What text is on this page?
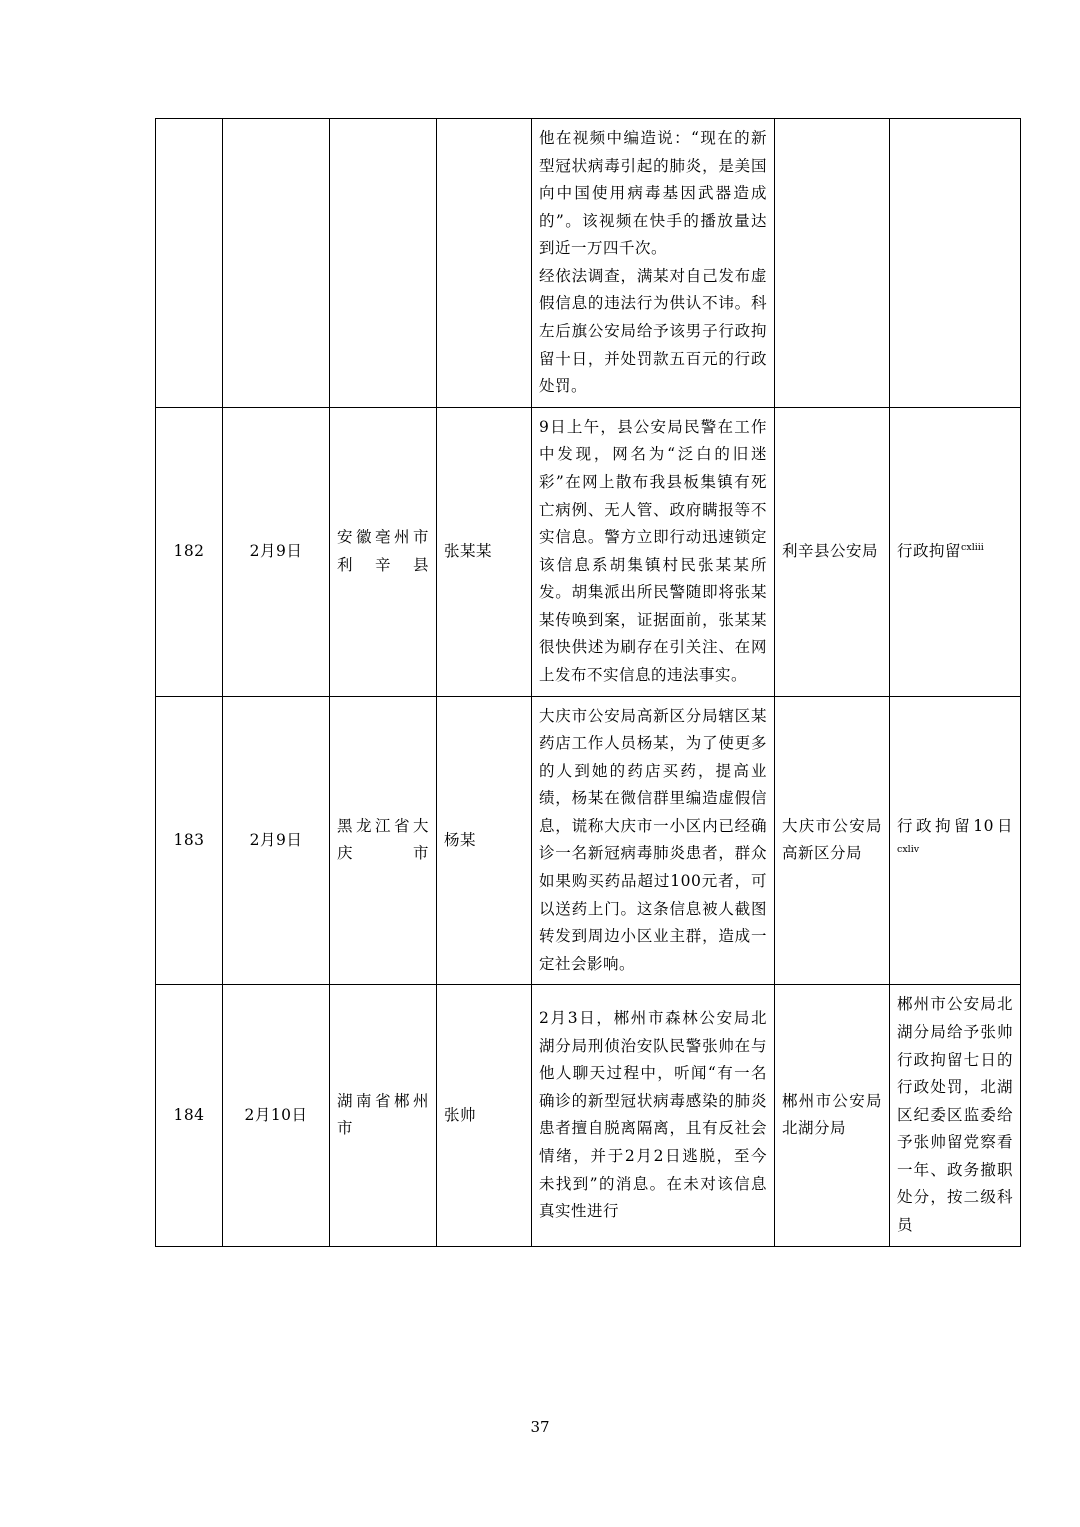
				他在视频中编造说：“现在的新型冠状病毒引起的肺炎，是美国向中国使用病毒基因武器造成的”。该视频在快手的播放量达到近一万四千次。

经依法调查，满某对自己发布虚假信息的违法行为供认不讳。科左后旗公安局给予该男子行政拘留十日，并处罚款五百元的行政处罚。		

182	2月9日	安徽亳州市利辛县	张某某	9日上午，县公安局民警在工作中发现，网名为“泛白的旧迷彩”在网上散布我县板集镇有死亡病例、无人管、政府瞒报等不实信息。警方立即行动迅速锁定该信息系胡集镇村民张某某所发。胡集派出所民警随即将张某某传唤到案，证据面前，张某某很快供述为刷存在引关注、在网上发布不实信息的违法事实。	利辛县公安局	行政拘留$^{cxliii}$
183	2月9日	黑龙江省大庆市	杨某	大庆市公安局高新区分局辖区某药店工作人员杨某，为了使更多的人到她的药店买药，提高业绩，杨某在微信群里编造虚假信息，谎称大庆市一小区内已经确诊一名新冠病毒肺炎患者，群众如果购买药品超过100元者，可以送药上门。这条信息被人截图转发到周边小区业主群，造成一定社会影响。	大庆市公安局高新区分局	行政拘留10日$^{cxliv}$
184	2月10日	湖南省郴州市	张帅	2月3日，郴州市森林公安局北湖分局刑侦治安队民警张帅在与他人聊天过程中，听闻“有一名确诊的新型冠状病毒感染的肺炎患者擅自脱离隔离，且有反社会情绪，并于2月2日逃脱，至今未找到”的消息。在未对该信息真实性进行	郴州市公安局北湖分局	郴州市公安局北湖分局给予张帅行政拘留七日的行政处罚，北湖区纪委区监委给予张帅留党察看一年、政务撤职处分，按二级科员
37
